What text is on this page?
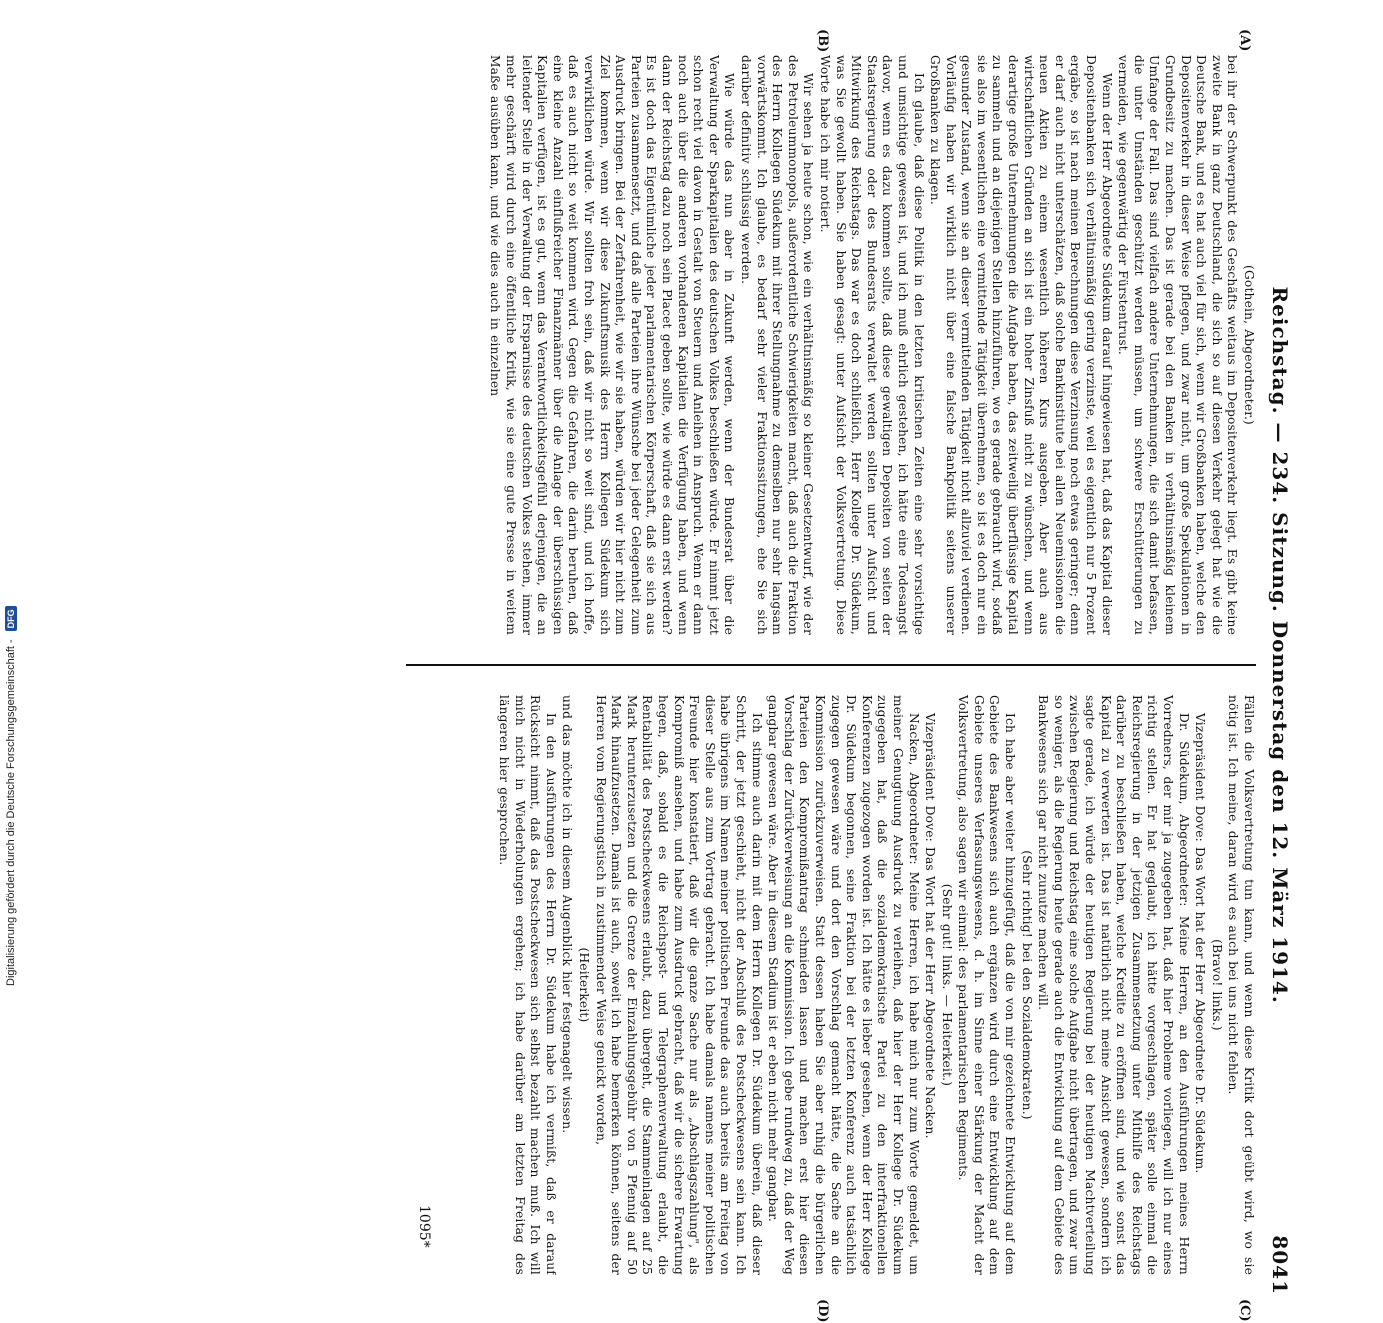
Digitalisierung gefördert durch die Deutsche Forschungsgemeinschaft -
DFG	Reichstag. — 234. Sitzung. Donnerstag den 12. März 1914.
8041

(Gothein, Abgeordneter.)

bei ihr der Schwerpunkt des Geschäfts weitaus im Depositenverkehr liegt. Es gibt keine zweite Bank in ganz Deutschland, die sich so auf diesen Verkehr gelegt hat wie die Deutsche Bank, und es hat auch viel für sich, wenn wir Großbanken haben, welche den Depositenverkehr in dieser Weise pflegen, und zwar nicht, um große Spekulationen in Grundbesitz zu machen. Das ist gerade bei den Banken in verhältnismäßig kleinem Umfange der Fall. Das sind vielfach andere Unternehmungen, die sich damit befassen, die unter Umständen geschützt werden müssen, um schwere Erschütterungen zu vermeiden, wie gegenwärtig der Fürstentrust.

Wenn der Herr Abgeordnete Südekum darauf hingewiesen hat, daß das Kapital dieser Depositenbanken sich verhältnismäßig gering verzinste, weil es eigentlich nur 5 Prozent ergäbe, so ist nach meinen Berechnungen diese Verzinsung noch etwas geringer; denn er darf auch nicht unterschätzen, daß solche Bankinstitute bei allen Neuemissionen die neuen Aktien zu einem wesentlich höheren Kurs ausgeben. Aber auch aus wirtschaftlichen Gründen an sich ist ein hoher Zinsfuß nicht zu wünschen, und wenn derartige große Unternehmungen die Aufgabe haben, das zeitweilig überflüssige Kapital zu sammeln und an diejenigen Stellen hinzuführen, wo es gerade gebraucht wird, sodaß sie also im wesentlichen eine vermittelnde Tätigkeit übernehmen, so ist es doch nur ein gesunder Zustand, wenn sie an dieser vermittelnden Tätigkeit nicht allzuviel verdienen. Vorläufig haben wir wirklich nicht über eine falsche Bankpolitik seitens unserer Großbanken zu klagen.

Ich glaube, daß diese Politik in den letzten kritischen Zeiten eine sehr vorsichtige und umsichtige gewesen ist, und ich muß ehrlich gestehen, ich hätte eine Todesangst davor, wenn es dazu kommen sollte, daß diese gewaltigen Depositen von seiten der Staatsregierung oder des Bundesrats verwaltet werden sollten unter Aufsicht und Mitwirkung des Reichstags. Das war es doch schließlich, Herr Kollege Dr. Südekum, was Sie gewollt haben. Sie haben gesagt: unter Aufsicht der Volksvertretung. Diese Worte habe ich mir notiert.

Wir sehen ja heute schon, wie ein verhältnismäßig so kleiner Gesetzentwurf, wie der des Petroleummonopols, außerordentliche Schwierigkeiten macht, daß auch die Fraktion des Herrn Kollegen Südekum mit ihrer Stellungnahme zu demselben nur sehr langsam vorwärtskommt. Ich glaube, es bedarf sehr vieler Fraktionssitzungen, ehe Sie sich darüber definitiv schlüssig werden.

Wie würde das nun aber in Zukunft werden, wenn der Bundesrat über die Verwaltung der Sparkapitalien des deutschen Volkes beschließen würde. Er nimmt jetzt schon recht viel davon in Gestalt von Steuern und Anleihen in Anspruch. Wenn er dann noch auch über die anderen vorhandenen Kapitalien die Verfügung haben, und wenn dann der Reichstag dazu noch sein Placet geben sollte, wie würde es dann erst werden? Es ist doch das Eigentümliche jeder parlamentarischen Körperschaft, daß sie sich aus Parteien zusammensetzt, und daß alle Parteien ihre Wünsche bei jeder Gelegenheit zum Ausdruck bringen. Bei der Zerfahrenheit, wie wir sie haben, würden wir hier nicht zum Ziel kommen, wenn wir diese Zukunftsmusik des Herrn Kollegen Südekum sich verwirklichen würde. Wir sollten froh sein, daß wir nicht so weit sind, und ich hoffe, daß es auch nicht so weit kommen wird. Gegen die Gefahren, die darin beruhen, daß eine kleine Anzahl einflußreicher Finanzmänner über die Anlage der überschüssigen Kapitalien verfügen, ist es gut, wenn das Verantwortlichkeitsgefühl derjenigen, die an leitender Stelle in der Verwaltung der Ersparnisse des deutschen Volkes stehen, immer mehr geschärft wird durch eine öffentliche Kritik, wie sie eine gute Presse in weitem Maße ausüben kann, und wie dies auch in einzelnen

Fällen die Volksvertretung tun kann, und wenn diese Kritik dort geübt wird, wo sie nötig ist. Ich meine, daran wird es auch bei uns nicht fehlen.

(Bravo! links.)

Vizepräsident Dove: Das Wort hat der Herr Abgeordnete Dr. Südekum.

Dr. Südekum, Abgeordneter: Meine Herren, an den Ausführungen meines Herrn Vorredners, der mir ja zugegeben hat, daß hier Probleme vorliegen, will ich nur eines richtig stellen. Er hat geglaubt, ich hätte vorgeschlagen, später solle einmal die Reichsregierung in der jetzigen Zusammensetzung unter Mithilfe des Reichstags darüber zu beschließen haben, welche Kredite zu eröffnen sind, und wie sonst das Kapital zu verwerten ist. Das ist natürlich nicht meine Ansicht gewesen, sondern ich sagte gerade, ich würde der heutigen Regierung bei der heutigen Machtverteilung zwischen Regierung und Reichstag eine solche Aufgabe nicht übertragen, und zwar um so weniger, als die Regierung heute gerade auch die Entwicklung auf dem Gebiete des Bankwesens sich gar nicht zunutze machen will.

(Sehr richtig! bei den Sozialdemokraten.)

Ich habe aber weiter hinzugefügt, daß die von mir gezeichnete Entwicklung auf dem Gebiete des Bankwesens sich auch ergänzen wird durch eine Entwicklung auf dem Gebiete unseres Verfassungswesens, d. h. im Sinne einer Stärkung der Macht der Volksvertretung, also sagen wir einmal: des parlamentarischen Regiments.

(Sehr gut! links. — Heiterkeit.)

Vizepräsident Dove: Das Wort hat der Herr Abgeordnete Nacken.

Nacken, Abgeordneter: Meine Herren, ich habe mich nur zum Worte gemeldet, um meiner Genugtuung Ausdruck zu verleihen, daß hier der Herr Kollege Dr. Südekum zugegeben hat, daß die sozialdemokratische Partei zu den interfraktionellen Konferenzen zugezogen worden ist. Ich hätte es lieber gesehen, wenn der Herr Kollege Dr. Südekum begonnen, seine Fraktion bei der letzten Konferenz auch tatsächlich zugegen gewesen wäre und dort den Vorschlag gemacht hätte, die Sache an die Kommission zurückzuverweisen. Statt dessen haben Sie aber ruhig die bürgerlichen Parteien den Kompromißantrag schmieden lassen und machen erst hier diesen Vorschlag der Zurückverweisung an die Kommission. Ich gebe rundweg zu, daß der Weg gangbar gewesen wäre. Aber in diesem Stadium ist er eben nicht mehr gangbar.

Ich stimme auch darin mit dem Herrn Kollegen Dr. Südekum überein, daß dieser Schritt, der jetzt geschieht, nicht der Abschluß des Postscheckwesens sein kann. Ich habe übrigens im Namen meiner politischen Freunde das auch bereits am Freitag von dieser Stelle aus zum Vortrag gebracht. Ich habe damals namens meiner politischen Freunde hier konstatiert, daß wir die ganze Sache nur als „Abschlagszahlung", als Kompromiß ansehen, und habe zum Ausdruck gebracht, daß wir die sichere Erwartung hegen, daß, sobald es die Reichspost- und Telegraphenverwaltung erlaubt, die Rentabilität des Postscheckwesens erlaubt, dazu übergeht, die Stammeinlagen auf 25 Mark herunterzusetzen und die Grenze der Einzahlungsgebühr von 5 Pfennig auf 50 Mark hinaufzusetzen. Damals ist auch, soweit ich habe bemerken können, seitens der Herren vom Regierungstisch in zustimmender Weise genickt worden,

(Heiterkeit)

und das möchte ich in diesem Augenblick hier festgenagelt wissen.

In den Ausführungen des Herrn Dr. Südekum habe ich vermißt, daß er darauf Rücksicht nimmt, daß das Postscheckwesen sich selbst bezahlt machen muß. Ich will mich nicht in Wiederholungen ergehen; ich habe darüber am letzten Freitag des längeren hier gesprochen.

(A)
(B)
(C)
(D)
1095*
